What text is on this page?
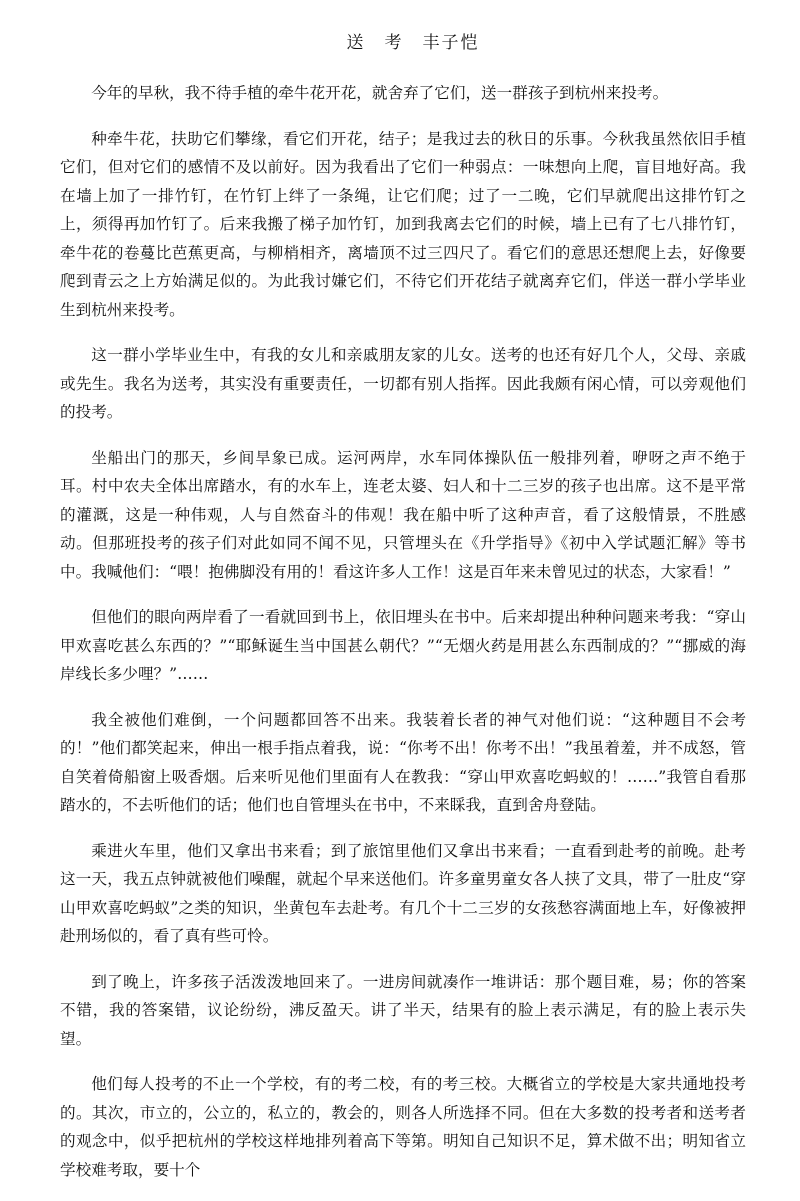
送　考　丰子恺

今年的早秋，我不待手植的牵牛花开花，就舍弃了它们，送一群孩子到杭州来投考。

种牵牛花，扶助它们攀缘，看它们开花，结子；是我过去的秋日的乐事。今秋我虽然依旧手植它们，但对它们的感情不及以前好。因为我看出了它们一种弱点：一味想向上爬，盲目地好高。我在墙上加了一排竹钉，在竹钉上绊了一条绳，让它们爬；过了一二晚，它们早就爬出这排竹钉之上，须得再加竹钉了。后来我搬了梯子加竹钉，加到我离去它们的时候，墙上已有了七八排竹钉，牵牛花的卷蔓比芭蕉更高，与柳梢相齐，离墙顶不过三四尺了。看它们的意思还想爬上去，好像要爬到青云之上方始满足似的。为此我讨嫌它们，不待它们开花结子就离弃它们，伴送一群小学毕业生到杭州来投考。

这一群小学毕业生中，有我的女儿和亲戚朋友家的儿女。送考的也还有好几个人，父母、亲戚或先生。我名为送考，其实没有重要责任，一切都有别人指挥。因此我颇有闲心情，可以旁观他们的投考。

坐船出门的那天，乡间旱象已成。运河两岸，水车同体操队伍一般排列着，咿呀之声不绝于耳。村中农夫全体出席踏水，有的水车上，连老太婆、妇人和十二三岁的孩子也出席。这不是平常的灌溉，这是一种伟观，人与自然奋斗的伟观！我在船中听了这种声音，看了这般情景，不胜感动。但那班投考的孩子们对此如同不闻不见，只管埋头在《升学指导》《初中入学试题汇解》等书中。我喊他们：“喂！抱佛脚没有用的！看这许多人工作！这是百年来未曾见过的状态，大家看！”

但他们的眼向两岸看了一看就回到书上，依旧埋头在书中。后来却提出种种问题来考我：“穿山甲欢喜吃甚么东西的？”“耶稣诞生当中国甚么朝代？”“无烟火药是用甚么东西制成的？”“挪威的海岸线长多少哩？”……

我全被他们难倒，一个问题都回答不出来。我装着长者的神气对他们说：“这种题目不会考的！”他们都笑起来，伸出一根手指点着我，说：“你考不出！你考不出！”我虽着羞，并不成怒，管自笑着倚船窗上吸香烟。后来听见他们里面有人在教我：“穿山甲欢喜吃蚂蚁的！……”我管自看那踏水的，不去听他们的话；他们也自管埋头在书中，不来睬我，直到舍舟登陆。

乘进火车里，他们又拿出书来看；到了旅馆里他们又拿出书来看；一直看到赴考的前晚。赴考这一天，我五点钟就被他们噪醒，就起个早来送他们。许多童男童女各人挟了文具，带了一肚皮“穿山甲欢喜吃蚂蚁”之类的知识，坐黄包车去赴考。有几个十二三岁的女孩愁容满面地上车，好像被押赴刑场似的，看了真有些可怜。

到了晚上，许多孩子活泼泼地回来了。一进房间就凑作一堆讲话：那个题目难，易；你的答案不错，我的答案错，议论纷纷，沸反盈天。讲了半天，结果有的脸上表示满足，有的脸上表示失望。

他们每人投考的不止一个学校，有的考二校，有的考三校。大概省立的学校是大家共通地投考的。其次，市立的，公立的，私立的，教会的，则各人所选择不同。但在大多数的投考者和送考者的观念中，似乎把杭州的学校这样地排列着高下等第。明知自己知识不足，算术做不出；明知省立学校难考取，要十个
